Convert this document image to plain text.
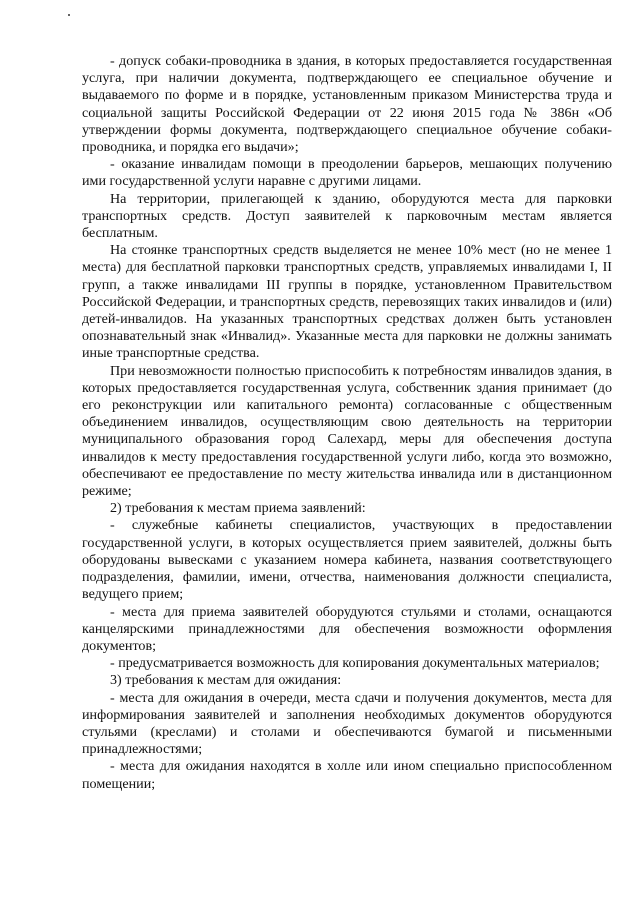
- допуск собаки-проводника в здания, в которых предоставляется государственная услуга, при наличии документа, подтверждающего ее специальное обучение и выдаваемого по форме и в порядке, установленным приказом Министерства труда и социальной защиты Российской Федерации от 22 июня 2015 года № 386н «Об утверждении формы документа, подтверждающего специальное обучение собаки-проводника, и порядка его выдачи»;

- оказание инвалидам помощи в преодолении барьеров, мешающих получению ими государственной услуги наравне с другими лицами.

На территории, прилегающей к зданию, оборудуются места для парковки транспортных средств. Доступ заявителей к парковочным местам является бесплатным.

На стоянке транспортных средств выделяется не менее 10% мест (но не менее 1 места) для бесплатной парковки транспортных средств, управляемых инвалидами I, II групп, а также инвалидами III группы в порядке, установленном Правительством Российской Федерации, и транспортных средств, перевозящих таких инвалидов и (или) детей-инвалидов. На указанных транспортных средствах должен быть установлен опознавательный знак «Инвалид». Указанные места для парковки не должны занимать иные транспортные средства.

При невозможности полностью приспособить к потребностям инвалидов здания, в которых предоставляется государственная услуга, собственник здания принимает (до его реконструкции или капитального ремонта) согласованные с общественным объединением инвалидов, осуществляющим свою деятельность на территории муниципального образования город Салехард, меры для обеспечения доступа инвалидов к месту предоставления государственной услуги либо, когда это возможно, обеспечивают ее предоставление по месту жительства инвалида или в дистанционном режиме;

2) требования к местам приема заявлений:

- служебные кабинеты специалистов, участвующих в предоставлении государственной услуги, в которых осуществляется прием заявителей, должны быть оборудованы вывесками с указанием номера кабинета, названия соответствующего подразделения, фамилии, имени, отчества, наименования должности специалиста, ведущего прием;

- места для приема заявителей оборудуются стульями и столами, оснащаются канцелярскими принадлежностями для обеспечения возможности оформления документов;

- предусматривается возможность для копирования документальных материалов;

3) требования к местам для ожидания:

- места для ожидания в очереди, места сдачи и получения документов, места для информирования заявителей и заполнения необходимых документов оборудуются стульями (креслами) и столами и обеспечиваются бумагой и письменными принадлежностями;

- места для ожидания находятся в холле или ином специально приспособленном помещении;
